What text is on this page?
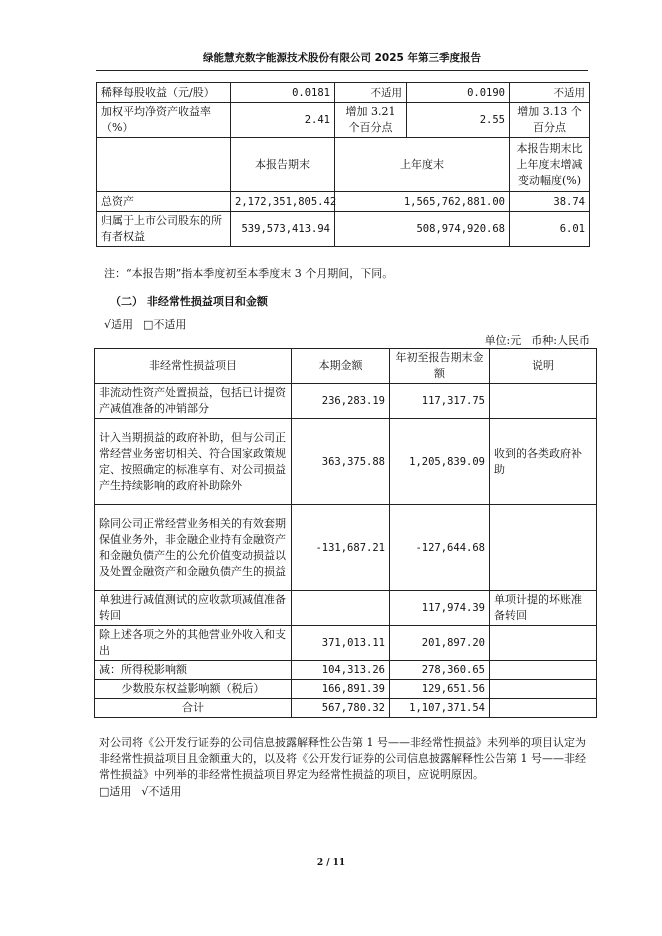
绿能慧充数字能源技术股份有限公司 2025 年第三季度报告
稀释每股收益（元/股）	0.0181	不适用	0.0190	不适用
加权平均净资产收益率（%）	2.41	增加 3.21 个百分点	2.55	增加 3.13 个百分点
	本报告期末	上年度末		本报告期末比上年度末增减变动幅度(%)
总资产	2,172,351,805.42	1,565,762,881.00		38.74
归属于上市公司股东的所有者权益	539,573,413.94	508,974,920.68		6.01
注：“本报告期”指本季度初至本季度末 3 个月期间，下同。
（二） 非经常性损益项目和金额
√适用 □不适用
单位:元 币种:人民币
非经常性损益项目	本期金额	年初至报告期末金额	说明
非流动性资产处置损益，包括已计提资产减值准备的冲销部分	236,283.19	117,317.75	
计入当期损益的政府补助，但与公司正常经营业务密切相关、符合国家政策规定、按照确定的标准享有、对公司损益产生持续影响的政府补助除外	363,375.88	1,205,839.09	收到的各类政府补助
除同公司正常经营业务相关的有效套期保值业务外，非金融企业持有金融资产和金融负债产生的公允价值变动损益以及处置金融资产和金融负债产生的损益	-131,687.21	-127,644.68	
单独进行减值测试的应收款项减值准备转回		117,974.39	单项计提的坏账准备转回
除上述各项之外的其他营业外收入和支出	371,013.11	201,897.20	
减：所得税影响额	104,313.26	278,360.65	
少数股东权益影响额（税后）	166,891.39	129,651.56	
合计	567,780.32	1,107,371.54	
对公司将《公开发行证券的公司信息披露解释性公告第 1 号——非经常性损益》未列举的项目认定为非经常性损益项目且金额重大的，以及将《公开发行证券的公司信息披露解释性公告第 1 号——非经常性损益》中列举的非经常性损益项目界定为经常性损益的项目，应说明原因。
□适用 √不适用
2 / 11
